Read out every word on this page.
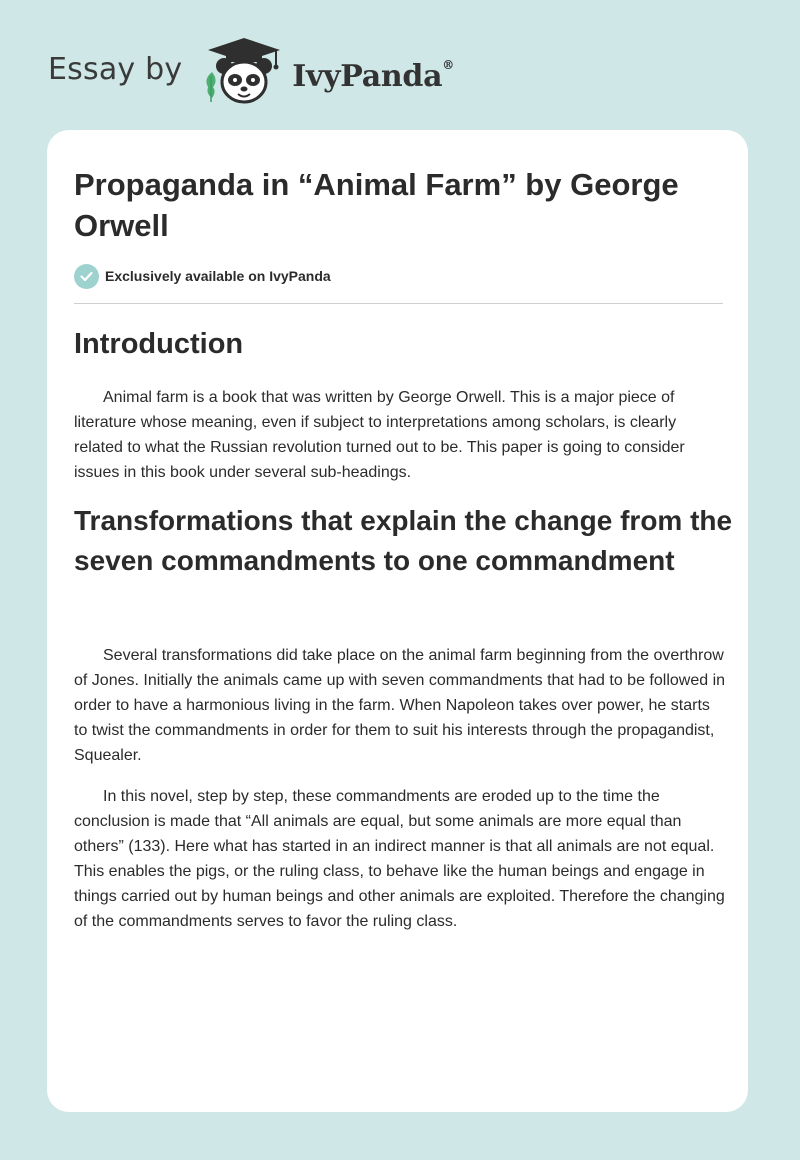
Essay by	IvyPanda®
Propaganda in “Animal Farm” by George Orwell
Exclusively available on IvyPanda
Introduction

Animal farm is a book that was written by George Orwell. This is a major piece of literature whose meaning, even if subject to interpretations among scholars, is clearly related to what the Russian revolution turned out to be. This paper is going to consider issues in this book under several sub-headings.

Transformations that explain the change from the seven commandments to one commandment

Several transformations did take place on the animal farm beginning from the overthrow of Jones. Initially the animals came up with seven commandments that had to be followed in order to have a harmonious living in the farm. When Napoleon takes over power, he starts to twist the commandments in order for them to suit his interests through the propagandist, Squealer.

In this novel, step by step, these commandments are eroded up to the time the conclusion is made that “All animals are equal, but some animals are more equal than others” (133). Here what has started in an indirect manner is that all animals are not equal. This enables the pigs, or the ruling class, to behave like the human beings and engage in things carried out by human beings and other animals are exploited. Therefore the changing of the commandments serves to favor the ruling class.
